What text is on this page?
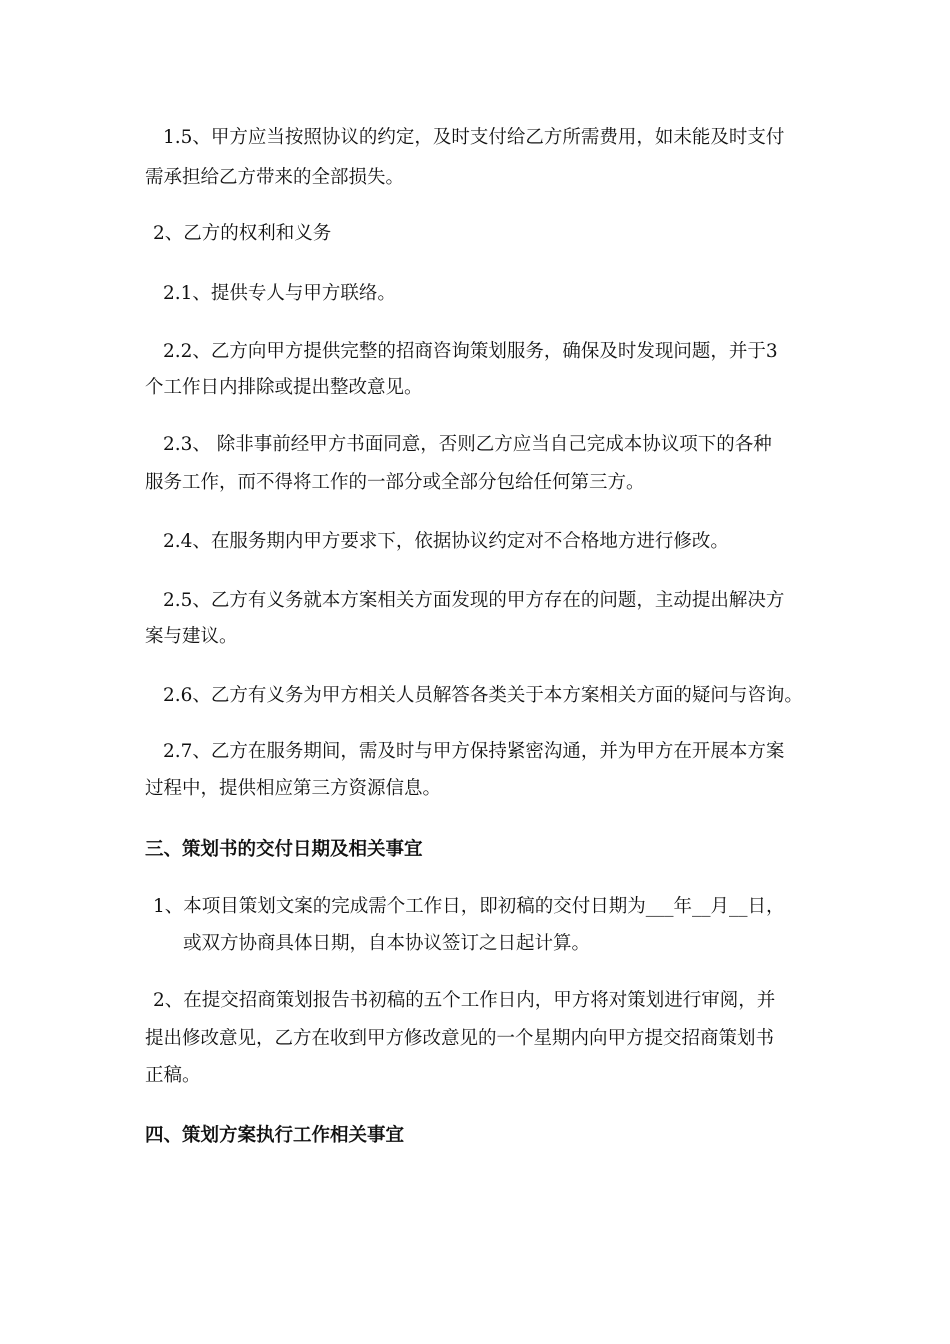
1.5、甲方应当按照协议的约定，及时支付给乙方所需费用，如未能及时支付
需承担给乙方带来的全部损失。
2、乙方的权利和义务
2.1、提供专人与甲方联络。
2.2、乙方向甲方提供完整的招商咨询策划服务，确保及时发现问题，并于3
个工作日内排除或提出整改意见。
2.3、 除非事前经甲方书面同意，否则乙方应当自己完成本协议项下的各种
服务工作，而不得将工作的一部分或全部分包给任何第三方。
2.4、在服务期内甲方要求下，依据协议约定对不合格地方进行修改。
2.5、乙方有义务就本方案相关方面发现的甲方存在的问题，主动提出解决方
案与建议。
2.6、乙方有义务为甲方相关人员解答各类关于本方案相关方面的疑问与咨询。
2.7、乙方在服务期间，需及时与甲方保持紧密沟通，并为甲方在开展本方案
过程中，提供相应第三方资源信息。
三、策划书的交付日期及相关事宜
1、本项目策划文案的完成需个工作日，即初稿的交付日期为___年__月__日，
或双方协商具体日期，自本协议签订之日起计算。
2、在提交招商策划报告书初稿的五个工作日内，甲方将对策划进行审阅，并
提出修改意见，乙方在收到甲方修改意见的一个星期内向甲方提交招商策划书
正稿。
四、策划方案执行工作相关事宜
